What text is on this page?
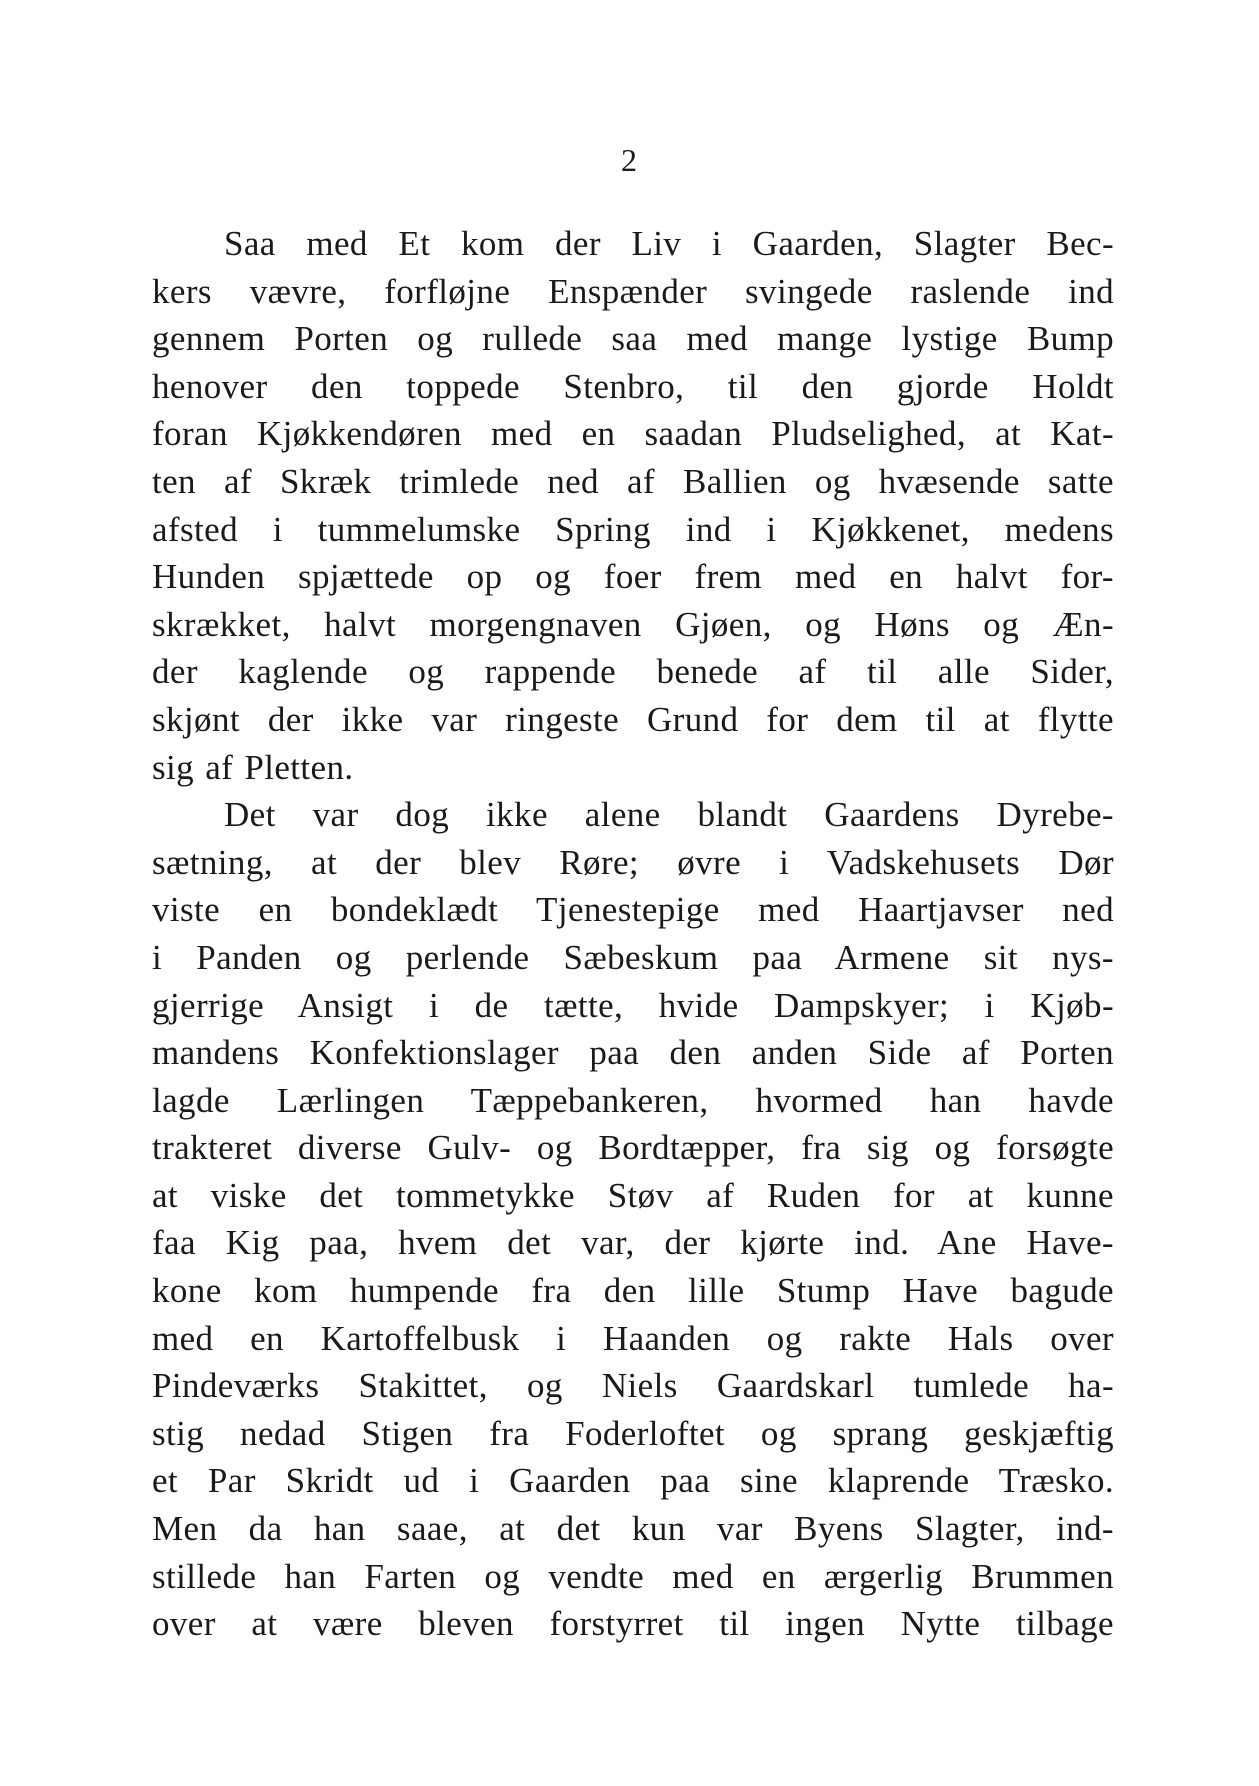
2
Saa med Et kom der Liv i Gaarden, Slagter Bec-
kers vævre, forfløjne Enspænder svingede raslende ind
gennem Porten og rullede saa med mange lystige Bump
henover den toppede Stenbro, til den gjorde Holdt
foran Kjøkkendøren med en saadan Pludselighed, at Kat-
ten af Skræk trimlede ned af Ballien og hvæsende satte
afsted i tummelumske Spring ind i Kjøkkenet, medens
Hunden spjættede op og foer frem med en halvt for-
skrækket, halvt morgengnaven Gjøen, og Høns og Æn-
der kaglende og rappende benede af til alle Sider,
skjønt der ikke var ringeste Grund for dem til at flytte
sig af Pletten.
Det var dog ikke alene blandt Gaardens Dyrebe-
sætning, at der blev Røre; øvre i Vadskehusets Dør
viste en bondeklædt Tjenestepige med Haartjavser ned
i Panden og perlende Sæbeskum paa Armene sit nys-
gjerrige Ansigt i de tætte, hvide Dampskyer; i Kjøb-
mandens Konfektionslager paa den anden Side af Porten
lagde Lærlingen Tæppebankeren, hvormed han havde
trakteret diverse Gulv- og Bordtæpper, fra sig og forsøgte
at viske det tommetykke Støv af Ruden for at kunne
faa Kig paa, hvem det var, der kjørte ind. Ane Have-
kone kom humpende fra den lille Stump Have bagude
med en Kartoffelbusk i Haanden og rakte Hals over
Pindeværks Stakittet, og Niels Gaardskarl tumlede ha-
stig nedad Stigen fra Foderloftet og sprang geskjæftig
et Par Skridt ud i Gaarden paa sine klaprende Træsko.
Men da han saae, at det kun var Byens Slagter, ind-
stillede han Farten og vendte med en ærgerlig Brummen
over at være bleven forstyrret til ingen Nytte tilbage
